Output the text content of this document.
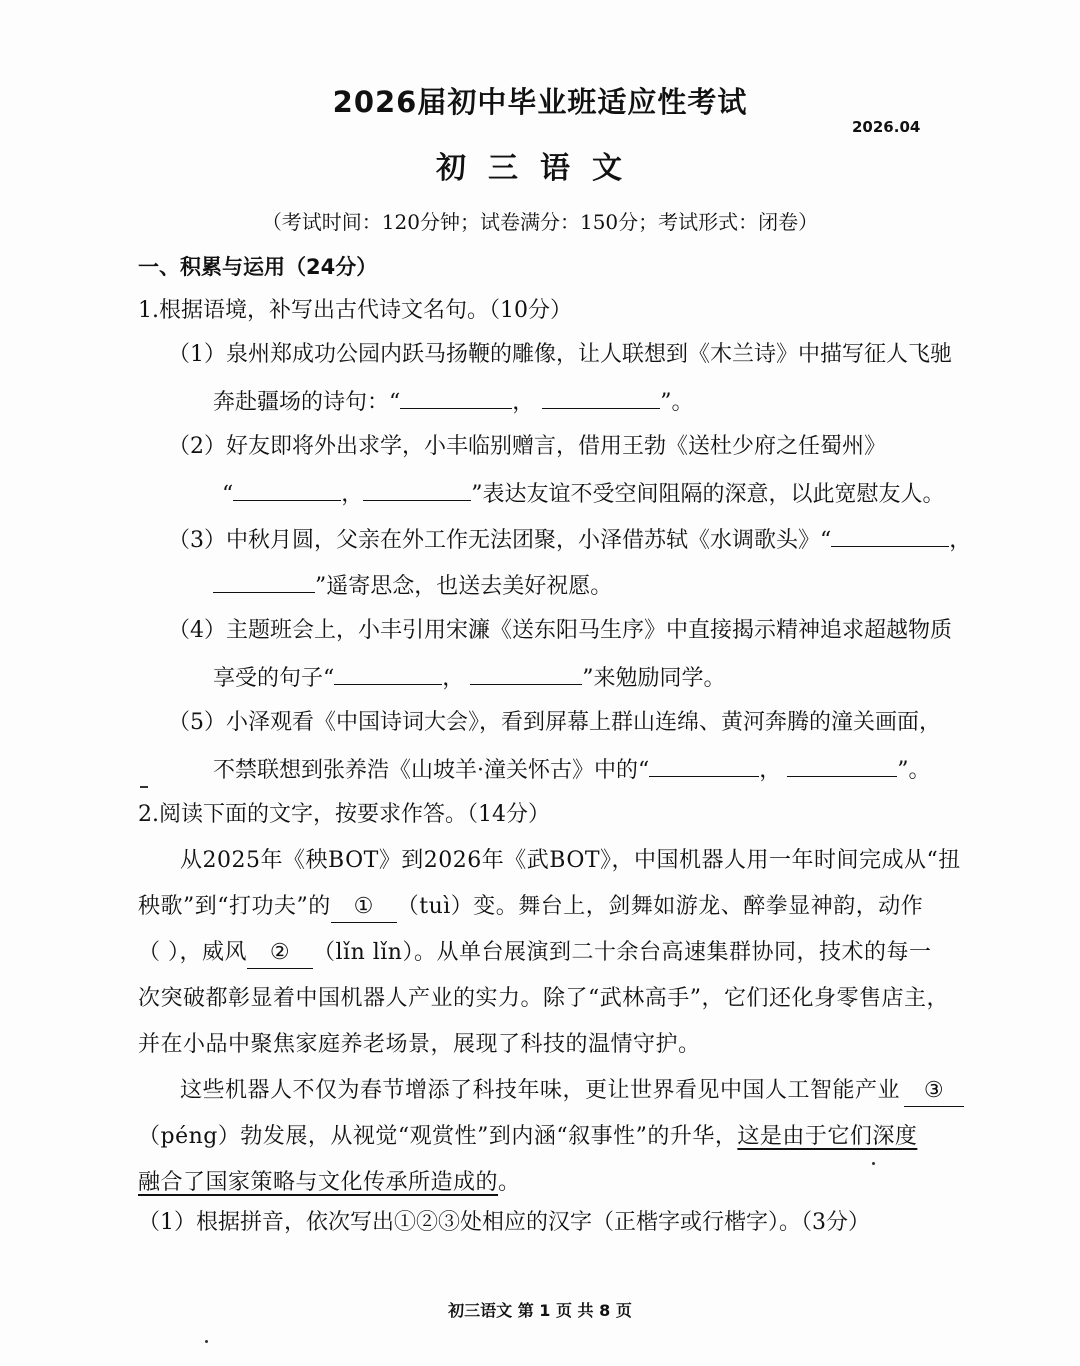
2026届初中毕业班适应性考试
2026.04
初三语文
（考试时间：120分钟；试卷满分：150分；考试形式：闭卷）
一、积累与运用（24分）
1.根据语境，补写出古代诗文名句。（10分）
（1）泉州郑成功公园内跃马扬鞭的雕像，让人联想到《木兰诗》中描写征人飞驰
奔赴疆场的诗句：“	，	”。
（2）好友即将外出求学，小丰临别赠言，借用王勃《送杜少府之任蜀州》
“	，	”表达友谊不受空间阻隔的深意，以此宽慰友人。
（3）中秋月圆，父亲在外工作无法团聚，小泽借苏轼《水调歌头》“	，
”遥寄思念，也送去美好祝愿。
（4）主题班会上，小丰引用宋濂《送东阳马生序》中直接揭示精神追求超越物质
享受的句子“	，	”来勉励同学。
（5）小泽观看《中国诗词大会》，看到屏幕上群山连绵、黄河奔腾的潼关画面，
不禁联想到张养浩《山坡羊·潼关怀古》中的“	，	”。
2.阅读下面的文字，按要求作答。（14分）
从2025年《秧BOT》到2026年《武BOT》，中国机器人用一年时间完成从“扭
秧歌”到“打功夫”的 ① （tuì）变。舞台上，剑舞如游龙、醉拳显神韵，动作
（ ），威风 ② （lǐn lǐn）。从单台展演到二十余台高速集群协同，技术的每一
次突破都彰显着中国机器人产业的实力。除了“武林高手”，它们还化身零售店主，
并在小品中聚焦家庭养老场景，展现了科技的温情守护。
这些机器人不仅为春节增添了科技年味，更让世界看见中国人工智能产业 ③
（péng）勃发展，从视觉“观赏性”到内涵“叙事性”的升华，这是由于它们深度
融合了国家策略与文化传承所造成的。
（1）根据拼音，依次写出①②③处相应的汉字（正楷字或行楷字）。（3分）
初三语文 第 1 页 共 8 页
